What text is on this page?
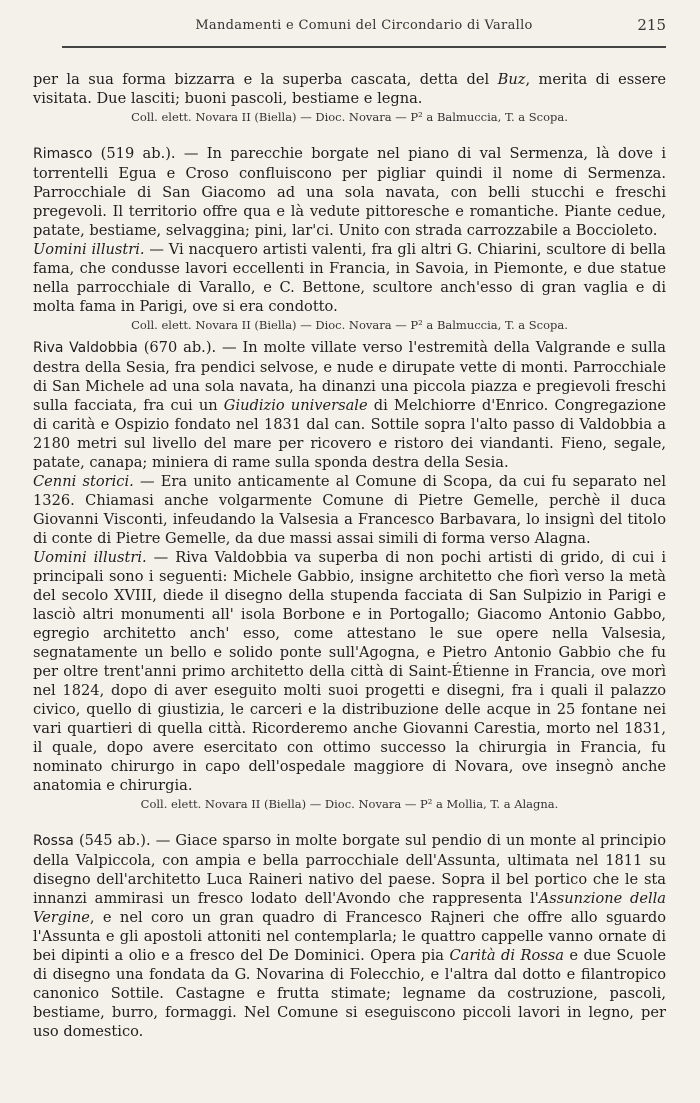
Mandamenti e Comuni del Circondario di Varallo	215

per la sua forma bizzarra e la superba cascata, detta del Buz, merita di essere visitata. Due lasciti; buoni pascoli, bestiame e legna.

Coll. elett. Novara II (Biella) — Dioc. Novara — P² a Balmuccia, T. a Scopa.

Rimasco (519 ab.). — In parecchie borgate nel piano di val Sermenza, là dove i torrentelli Egua e Croso confluiscono per pigliar quindi il nome di Sermenza. Parrocchiale di San Giacomo ad una sola navata, con belli stucchi e freschi pregevoli. Il territorio offre qua e là vedute pittoresche e romantiche. Piante cedue, patate, bestiame, selvaggina; pini, lar'ci. Unito con strada carrozzabile a Boccioleto.

Uomini illustri. — Vi nacquero artisti valenti, fra gli altri G. Chiarini, scultore di bella fama, che condusse lavori eccellenti in Francia, in Savoia, in Piemonte, e due statue nella parrocchiale di Varallo, e C. Bettone, scultore anch'esso di gran vaglia e di molta fama in Parigi, ove si era condotto.

Coll. elett. Novara II (Biella) — Dioc. Novara — P² a Balmuccia, T. a Scopa.

Riva Valdobbia (670 ab.). — In molte villate verso l'estremità della Valgrande e sulla destra della Sesia, fra pendici selvose, e nude e dirupate vette di monti. Parrocchiale di San Michele ad una sola navata, ha dinanzi una piccola piazza e pregievoli freschi sulla facciata, fra cui un Giudizio universale di Melchiorre d'Enrico. Congregazione di carità e Ospizio fondato nel 1831 dal can. Sottile sopra l'alto passo di Valdobbia a 2180 metri sul livello del mare per ricovero e ristoro dei viandanti. Fieno, segale, patate, canapa; miniera di rame sulla sponda destra della Sesia.

Cenni storici. — Era unito anticamente al Comune di Scopa, da cui fu separato nel 1326. Chiamasi anche volgarmente Comune di Pietre Gemelle, perchè il duca Giovanni Visconti, infeudando la Valsesia a Francesco Barbavara, lo insignì del titolo di conte di Pietre Gemelle, da due massi assai simili di forma verso Alagna.

Uomini illustri. — Riva Valdobbia va superba di non pochi artisti di grido, di cui i principali sono i seguenti: Michele Gabbio, insigne architetto che fiorì verso la metà del secolo XVIII, diede il disegno della stupenda facciata di San Sulpizio in Parigi e lasciò altri monumenti all' isola Borbone e in Portogallo; Giacomo Antonio Gabbo, egregio architetto anch' esso, come attestano le sue opere nella Valsesia, segnatamente un bello e solido ponte sull'Agogna, e Pietro Antonio Gabbio che fu per oltre trent'anni primo architetto della città di Saint-Étienne in Francia, ove morì nel 1824, dopo di aver eseguito molti suoi progetti e disegni, fra i quali il palazzo civico, quello di giustizia, le carceri e la distribuzione delle acque in 25 fontane nei vari quartieri di quella città. Ricorderemo anche Giovanni Carestia, morto nel 1831, il quale, dopo avere esercitato con ottimo successo la chirurgia in Francia, fu nominato chirurgo in capo dell'ospedale maggiore di Novara, ove insegnò anche anatomia e chirurgia.

Coll. elett. Novara II (Biella) — Dioc. Novara — P² a Mollia, T. a Alagna.

Rossa (545 ab.). — Giace sparso in molte borgate sul pendio di un monte al principio della Valpiccola, con ampia e bella parrocchiale dell'Assunta, ultimata nel 1811 su disegno dell'architetto Luca Raineri nativo del paese. Sopra il bel portico che le sta innanzi ammirasi un fresco lodato dell'Avondo che rappresenta l'Assunzione della Vergine, e nel coro un gran quadro di Francesco Rajneri che offre allo sguardo l'Assunta e gli apostoli attoniti nel contemplarla; le quattro cappelle vanno ornate di bei dipinti a olio e a fresco del De Dominici. Opera pia Carità di Rossa e due Scuole di disegno una fondata da G. Novarina di Folecchio, e l'altra dal dotto e filantropico canonico Sottile. Castagne e frutta stimate; legname da costruzione, pascoli, bestiame, burro, formaggi. Nel Comune si eseguiscono piccoli lavori in legno, per uso domestico.
